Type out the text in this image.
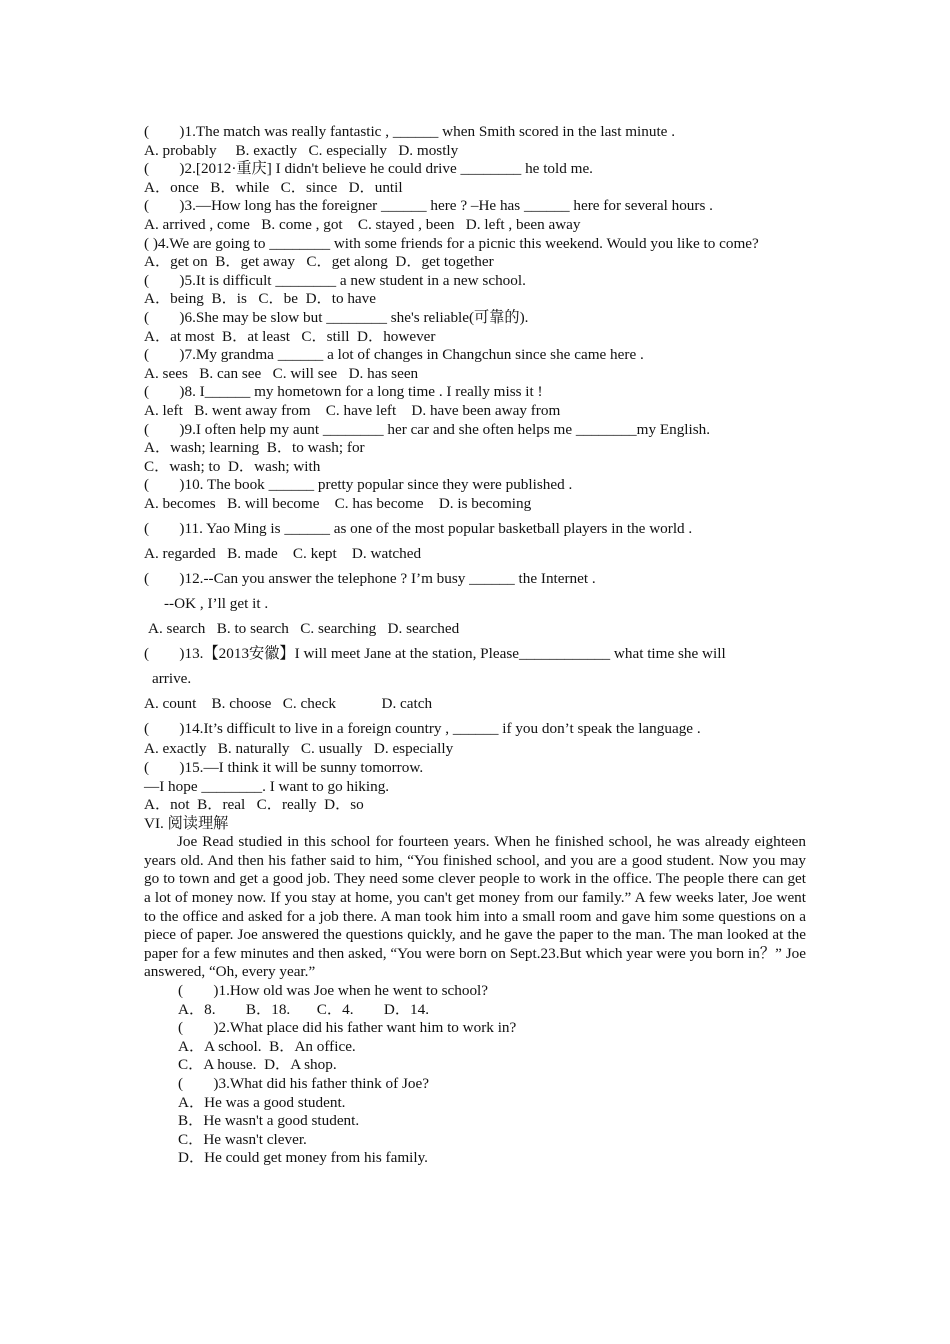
(        )1.The match was really fantastic , ______ when Smith scored in the last minute .
A. probably     B. exactly   C. especially   D. mostly
(        )2.[2012·重庆] I didn't believe he could drive ________ he told me.
A．once   B．while   C．since   D．until
(        )3.—How long has the foreigner ______ here ? –He has ______ here for several hours .
A. arrived , come   B. come , got    C. stayed , been   D. left , been away
( )4.We are going to ________ with some friends for a picnic this weekend. Would you like to come?
A．get on  B．get away   C．get along  D．get together
(        )5.It is difficult ________ a new student in a new school.
A．being  B．is   C．be  D．to have
(        )6.She may be slow but ________ she's reliable(可靠的).
A．at most  B．at least   C．still  D．however
(        )7.My grandma ______ a lot of changes in Changchun since she came here .
A. sees   B. can see   C. will see   D. has seen
(        )8. I______ my hometown for a long time . I really miss it !
A. left   B. went away from    C. have left    D. have been away from
(        )9.I often help my aunt ________ her car and she often helps me ________my English.
A．wash; learning  B．to wash; for
C．wash; to  D．wash; with
(        )10. The book ______ pretty popular since they were published .
A. becomes   B. will become    C. has become    D. is becoming
(        )11. Yao Ming is ______ as one of the most popular basketball players in the world .
A. regarded   B. made    C. kept    D. watched
(        )12.--Can you answer the telephone ? I’m busy ______ the Internet .
--OK , I’ll get it .
A. search   B. to search   C. searching   D. searched
(        )13.【2013安徽】I will meet Jane at the station, Please____________ what time she will
arrive.
A. count    B. choose   C. check            D. catch
(        )14.It’s difficult to live in a foreign country , ______ if you don’t speak the language .
A. exactly   B. naturally   C. usually   D. especially
(        )15.—I think it will be sunny tomorrow.
—I hope ________. I want to go hiking.
A．not  B．real   C．really  D．so
VI. 阅读理解
Joe Read studied in this school for fourteen years. When he finished school, he was already eighteen years old. And then his father said to him, “You finished school, and you are a good student. Now you may go to town and get a good job. They need some clever people to work in the office. The people there can get a lot of money now. If you stay at home, you can't get money from our family.” A few weeks later, Joe went to the office and asked for a job there. A man took him into a small room and gave him some questions on a piece of paper. Joe answered the questions quickly, and he gave the paper to the man. The man looked at the paper for a few minutes and then asked, “You were born on Sept.23.But which year were you born in？” Joe answered, “Oh, every year.”
(        )1.How old was Joe when he went to school?
A．8.        B．18.       C．4.        D．14.
(        )2.What place did his father want him to work in?
A．A school.  B．An office.
C．A house.  D．A shop.
(        )3.What did his father think of Joe?
A．He was a good student.
B．He wasn't a good student.
C．He wasn't clever.
D．He could get money from his family.
